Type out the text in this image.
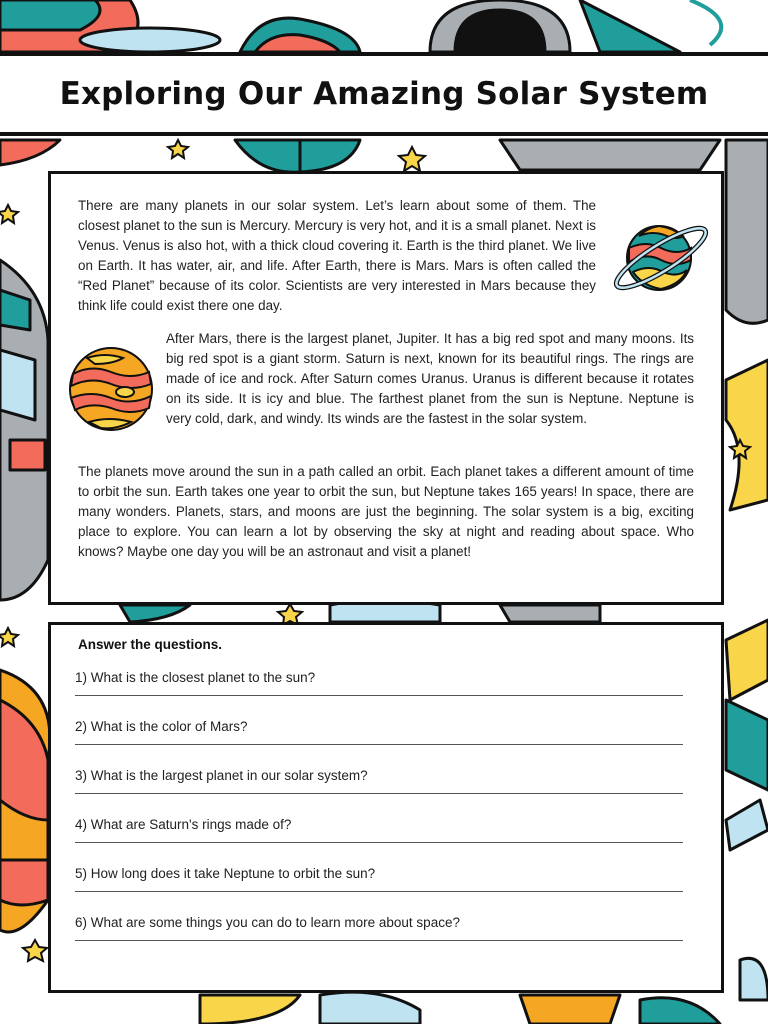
Exploring Our Amazing Solar System

There are many planets in our solar system. Let’s learn about some of them. The closest planet to the sun is Mercury. Mercury is very hot, and it is a small planet. Next is Venus. Venus is also hot, with a thick cloud covering it. Earth is the third planet. We live on Earth. It has water, air, and life. After Earth, there is Mars. Mars is often called the “Red Planet” because of its color. Scientists are very interested in Mars because they think life could exist there one day.

After Mars, there is the largest planet, Jupiter. It has a big red spot and many moons. Its big red spot is a giant storm. Saturn is next, known for its beautiful rings. The rings are made of ice and rock. After Saturn comes Uranus. Uranus is different because it rotates on its side. It is icy and blue. The farthest planet from the sun is Neptune. Neptune is very cold, dark, and windy. Its winds are the fastest in the solar system.

The planets move around the sun in a path called an orbit. Each planet takes a different amount of time to orbit the sun. Earth takes one year to orbit the sun, but Neptune takes 165 years! In space, there are many wonders. Planets, stars, and moons are just the beginning. The solar system is a big, exciting place to explore. You can learn a lot by observing the sky at night and reading about space. Who knows? Maybe one day you will be an astronaut and visit a planet!

Answer the questions.

1) What is the closest planet to the sun?
2) What is the color of Mars?
3) What is the largest planet in our solar system?
4) What are Saturn's rings made of?
5) How long does it take Neptune to orbit the sun?
6) What are some things you can do to learn more about space?
